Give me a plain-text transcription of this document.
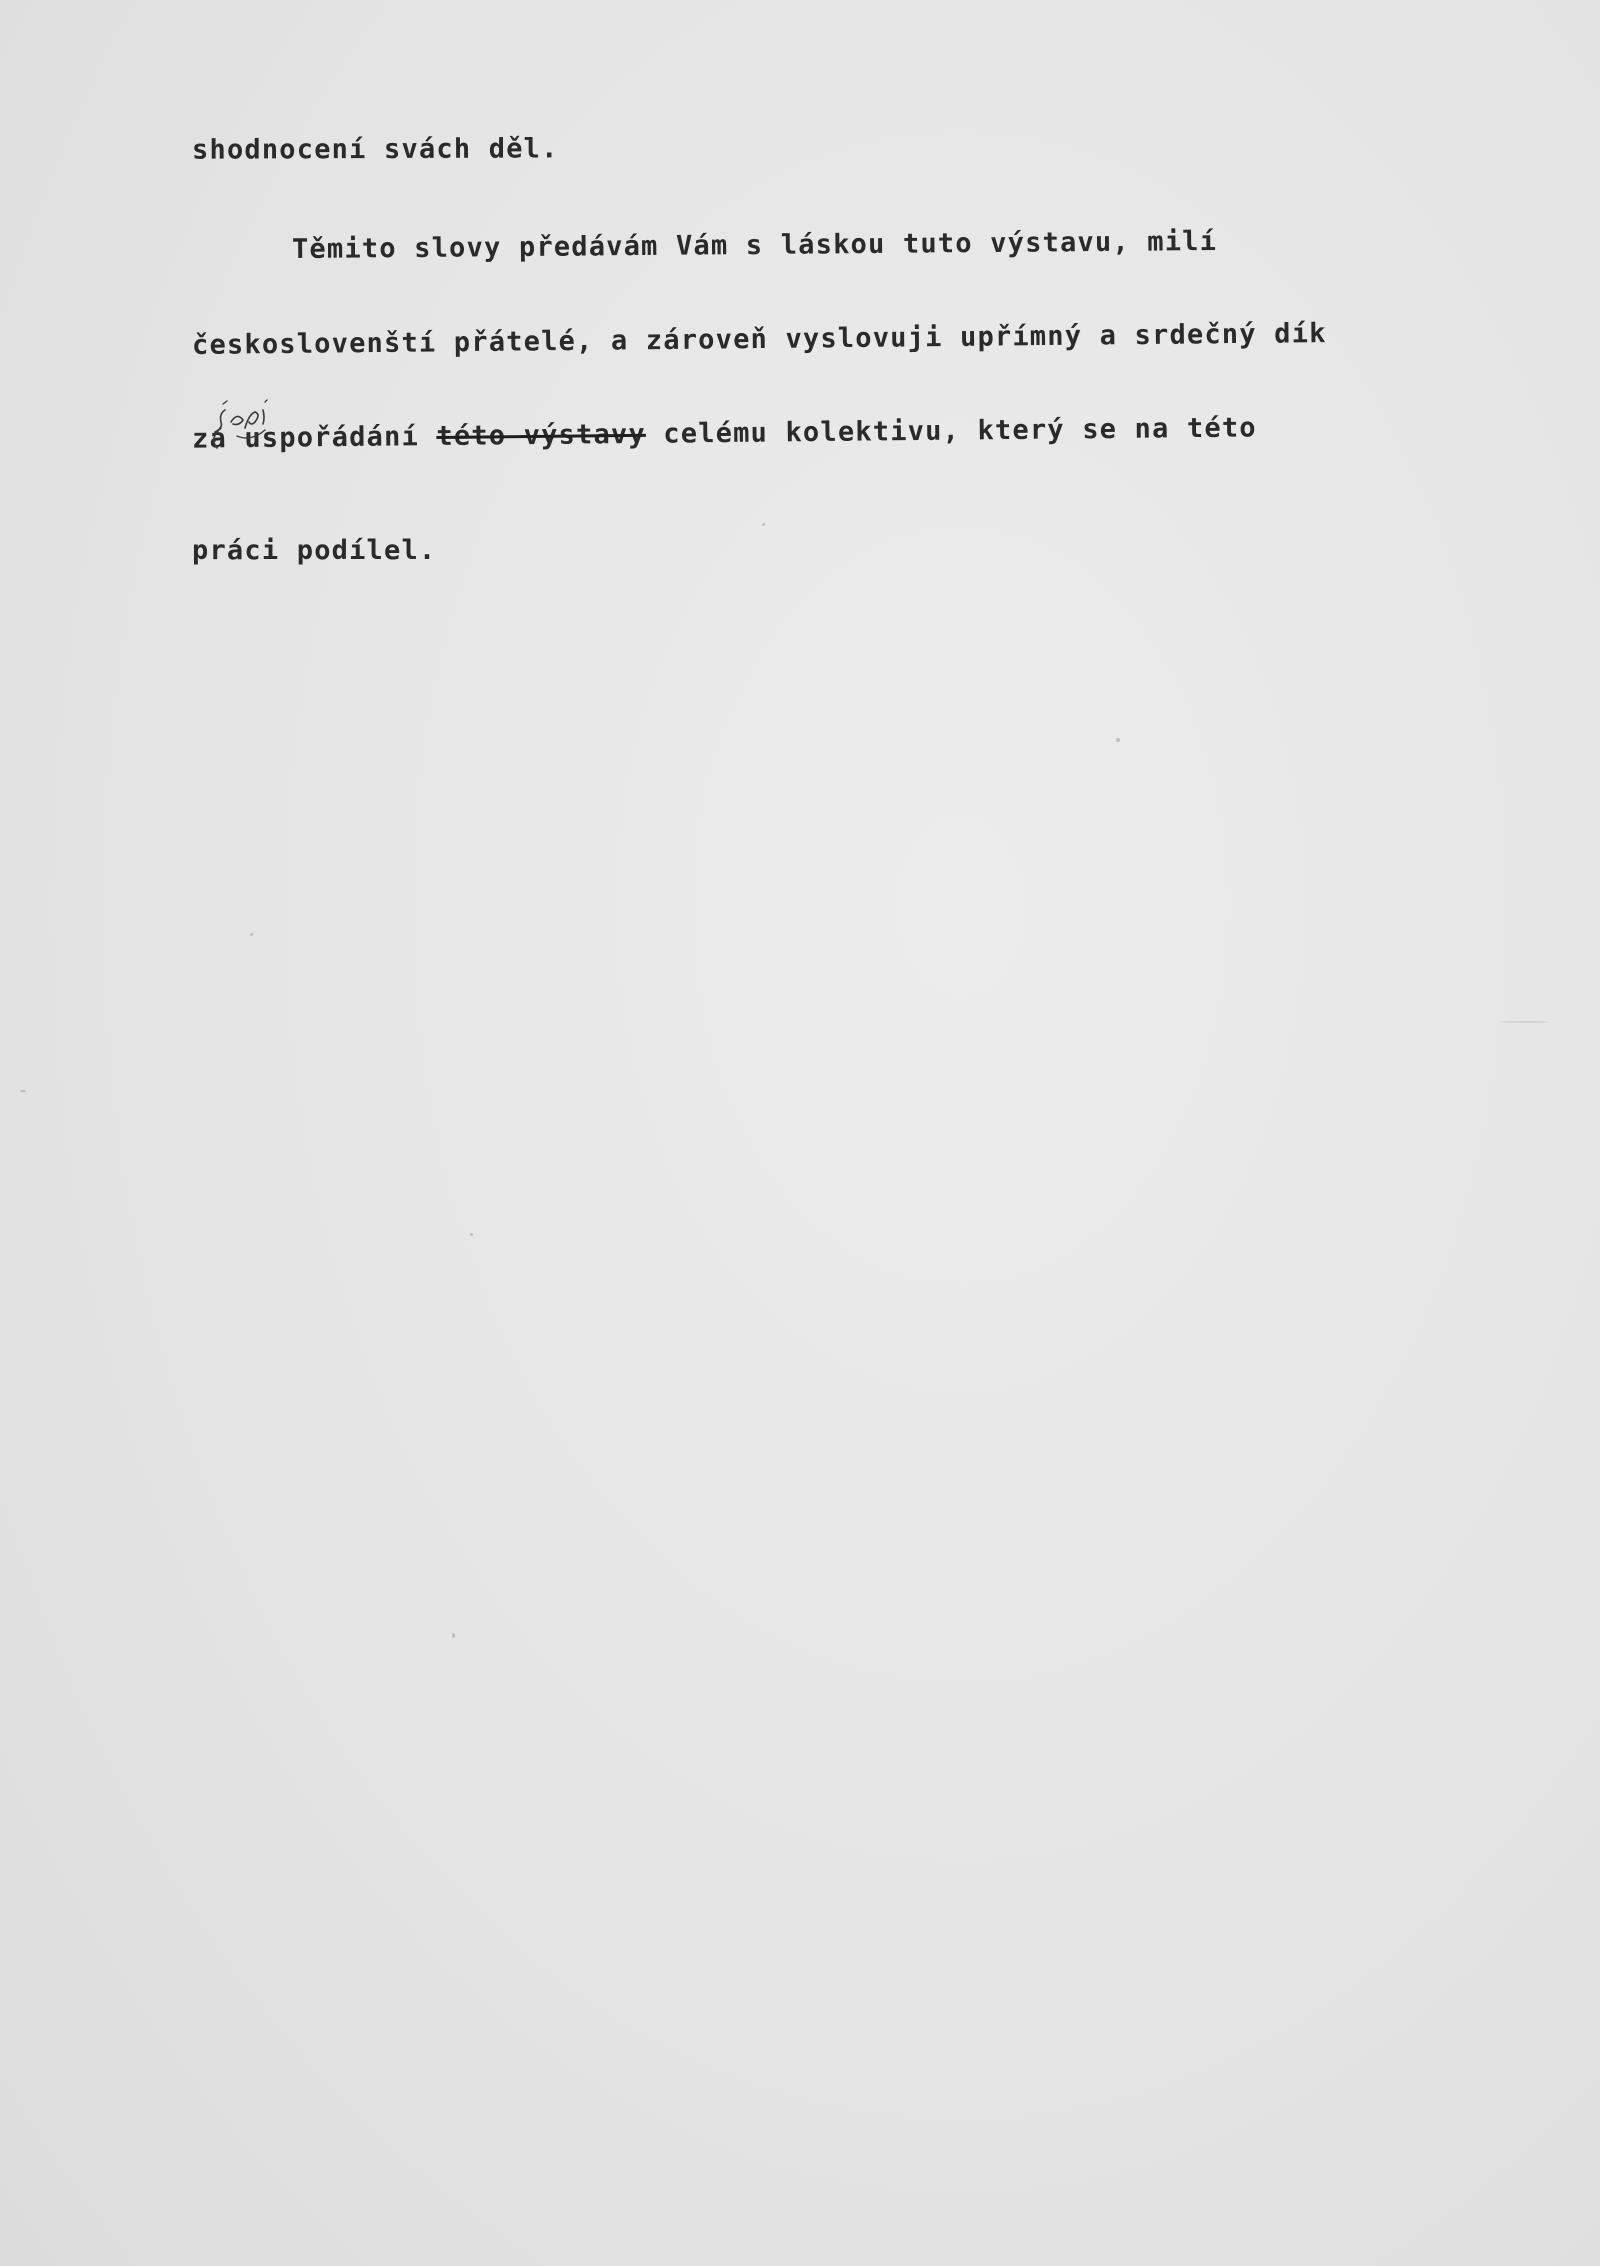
shodnocení svách děl.
Těmito slovy předávám Vám s láskou tuto výstavu, milí
českoslovenští přátelé, a zároveň vyslovuji upřímný a srdečný dík
za uspořádání této výstavy celému kolektivu, který se na této
práci podílel.
